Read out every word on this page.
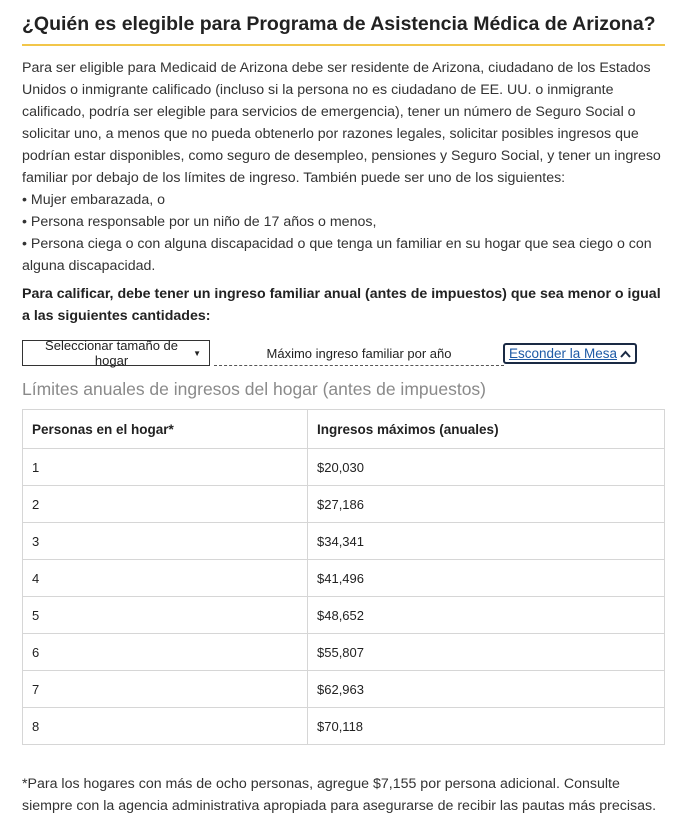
¿Quién es elegible para Programa de Asistencia Médica de Arizona?
Para ser eligible para Medicaid de Arizona debe ser residente de Arizona, ciudadano de los Estados Unidos o inmigrante calificado (incluso si la persona no es ciudadano de EE. UU. o inmigrante calificado, podría ser elegible para servicios de emergencia), tener un número de Seguro Social o solicitar uno, a menos que no pueda obtenerlo por razones legales, solicitar posibles ingresos que podrían estar disponibles, como seguro de desempleo, pensiones y Seguro Social, y tener un ingreso familiar por debajo de los límites de ingreso. También puede ser uno de los siguientes:
• Mujer embarazada, o
• Persona responsable por un niño de 17 años o menos,
• Persona ciega o con alguna discapacidad o que tenga un familiar en su hogar que sea ciego o con alguna discapacidad.

Para calificar, debe tener un ingreso familiar anual (antes de impuestos) que sea menor o igual a las siguientes cantidades:

Seleccionar tamaño de hogar	▼	Máximo ingreso familiar por año	Esconder la Mesa
Límites anuales de ingresos del hogar (antes de impuestos)
Personas en el hogar*	Ingresos máximos (anuales)
1	$20,030
2	$27,186
3	$34,341
4	$41,496
5	$48,652
6	$55,807
7	$62,963
8	$70,118

*Para los hogares con más de ocho personas, agregue $7,155 por persona adicional. Consulte siempre con la agencia administrativa apropiada para asegurarse de recibir las pautas más precisas.
